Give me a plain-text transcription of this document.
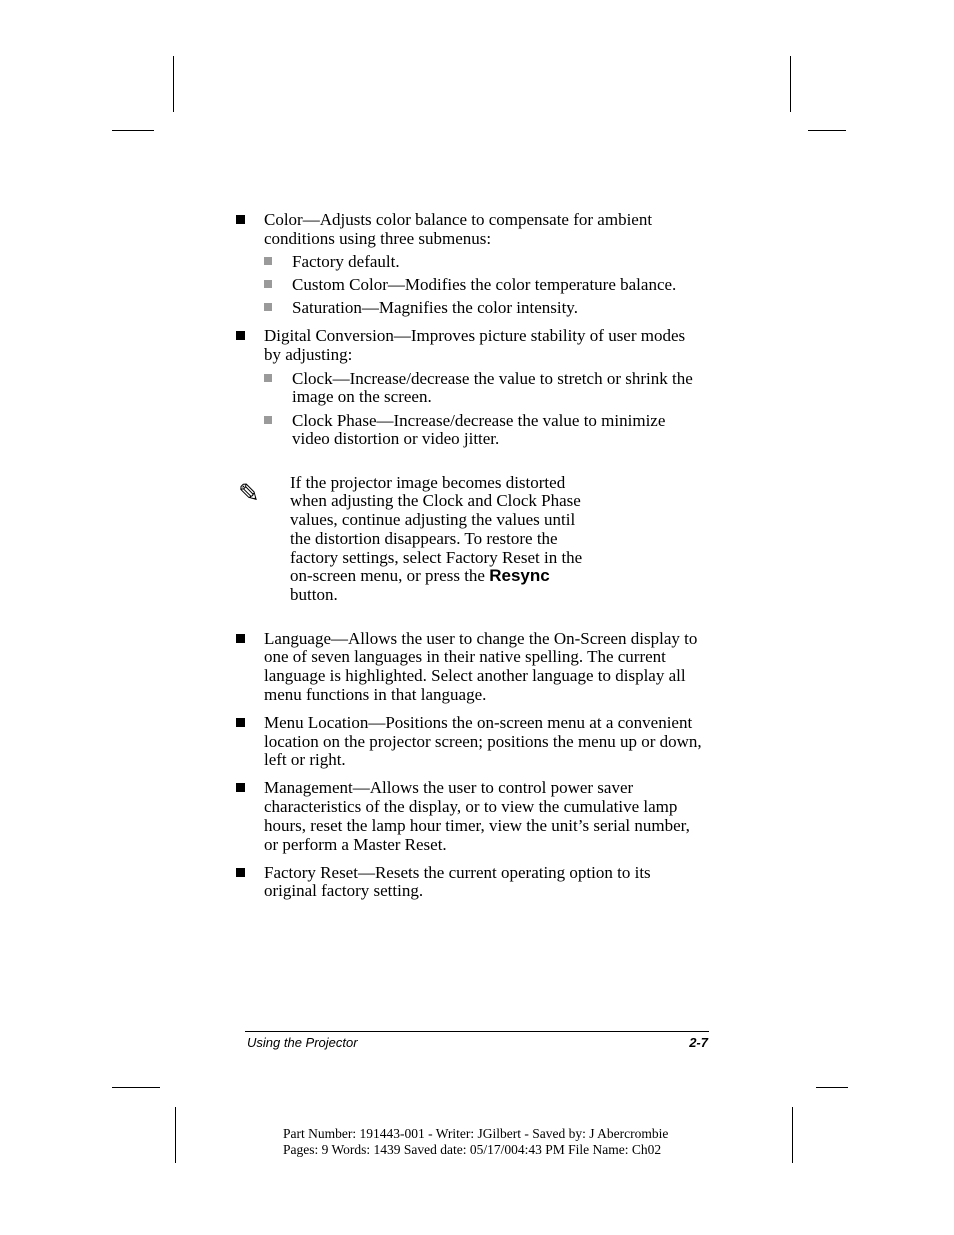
Color—Adjusts color balance to compensate for ambient
conditions using three submenus:
Factory default.
Custom Color—Modifies the color temperature balance.
Saturation—Magnifies the color intensity.
Digital Conversion—Improves picture stability of user modes
by adjusting:
Clock—Increase/decrease the value to stretch or shrink the
image on the screen.
Clock Phase—Increase/decrease the value to minimize
video distortion or video jitter.
✎ If the projector image becomes distorted
when adjusting the Clock and Clock Phase
values, continue adjusting the values until
the distortion disappears. To restore the
factory settings, select Factory Reset in the
on-screen menu, or press the Resync
button.
Language—Allows the user to change the On-Screen display to
one of seven languages in their native spelling. The current
language is highlighted. Select another language to display all
menu functions in that language.
Menu Location—Positions the on-screen menu at a convenient
location on the projector screen; positions the menu up or down,
left or right.
Management—Allows the user to control power saver
characteristics of the display, or to view the cumulative lamp
hours, reset the lamp hour timer, view the unit’s serial number,
or perform a Master Reset.
Factory Reset—Resets the current operating option to its
original factory setting.
Using the Projector	2-7
Part Number: 191443-001 - Writer: JGilbert - Saved by: J Abercrombie
Pages: 9 Words: 1439 Saved date: 05/17/004:43 PM File Name: Ch02
